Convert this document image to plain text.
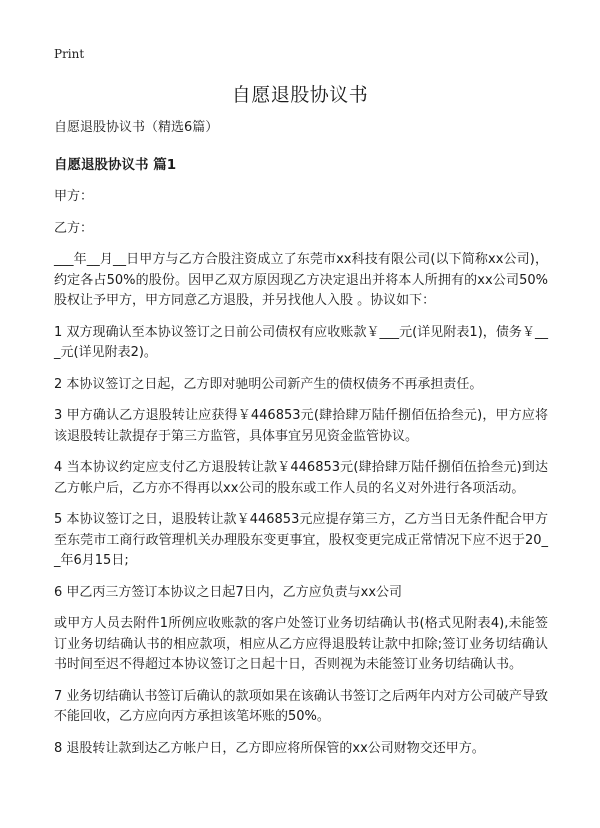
Print
自愿退股协议书

自愿退股协议书（精选6篇）

自愿退股协议书 篇1

甲方：

乙方：

___年__月__日甲方与乙方合股注资成立了东莞市xx科技有限公司(以下简称xx公司)，约定各占50%的股份。因甲乙双方原因现乙方决定退出并将本人所拥有的xx公司50%股权让予甲方，甲方同意乙方退股，并另找他人入股 。协议如下：

1 双方现确认至本协议签订之日前公司债权有应收账款￥___元(详见附表1)，债务￥___元(详见附表2)。

2 本协议签订之日起，乙方即对驰明公司新产生的债权债务不再承担责任。

3 甲方确认乙方退股转让应获得￥446853元(肆拾肆万陆仟捌佰伍拾叁元)，甲方应将该退股转让款提存于第三方监管，具体事宜另见资金监管协议。

4 当本协议约定应支付乙方退股转让款￥446853元(肆拾肆万陆仟捌佰伍拾叁元)到达乙方帐户后，乙方亦不得再以xx公司的股东或工作人员的名义对外进行各项活动。

5 本协议签订之日，退股转让款￥446853元应提存第三方，乙方当日无条件配合甲方至东莞市工商行政管理机关办理股东变更事宜，股权变更完成正常情况下应不迟于20__年6月15日;

6 甲乙丙三方签订本协议之日起7日内，乙方应负责与xx公司

或甲方人员去附件1所例应收账款的客户处签订业务切结确认书(格式见附表4),未能签订业务切结确认书的相应款项，相应从乙方应得退股转让款中扣除;签订业务切结确认书时间至迟不得超过本协议签订之日起十日，否则视为未能签订业务切结确认书。

7 业务切结确认书签订后确认的款项如果在该确认书签订之后两年内对方公司破产导致不能回收，乙方应向丙方承担该笔坏账的50%。

8 退股转让款到达乙方帐户日，乙方即应将所保管的xx公司财物交还甲方。
